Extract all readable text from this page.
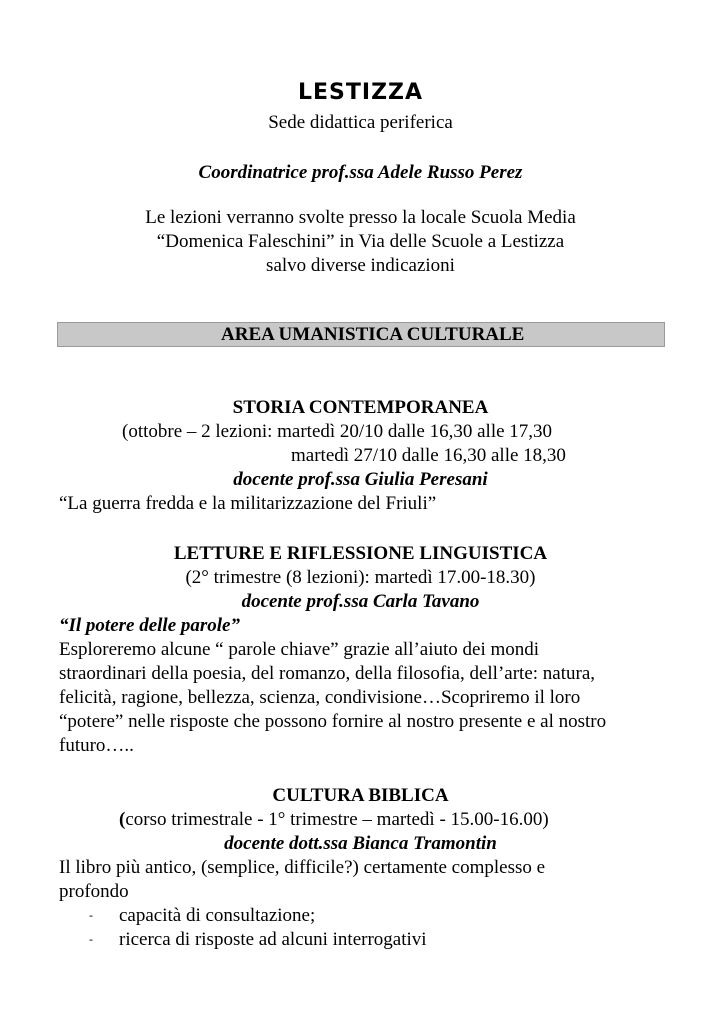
LESTIZZA
Sede didattica periferica
Coordinatrice prof.ssa Adele Russo Perez
Le lezioni verranno svolte presso la locale Scuola Media
“Domenica Faleschini” in Via delle Scuole a Lestizza
salvo diverse indicazioni
AREA UMANISTICA CULTURALE
STORIA CONTEMPORANEA
(ottobre – 2 lezioni: martedì 20/10 dalle 16,30 alle 17,30
martedì 27/10 dalle 16,30 alle 18,30
docente prof.ssa Giulia Peresani
“La guerra fredda e la militarizzazione del Friuli”
LETTURE E RIFLESSIONE LINGUISTICA
(2° trimestre (8 lezioni): martedì 17.00-18.30)
docente prof.ssa Carla Tavano
“Il potere delle parole”
Esploreremo alcune “ parole chiave” grazie all’aiuto dei mondi
straordinari della poesia, del romanzo, della filosofia, dell’arte: natura,
felicità, ragione, bellezza, scienza, condivisione…Scopriremo il loro
“potere” nelle risposte che possono fornire al nostro presente e al nostro
futuro…..
CULTURA BIBLICA
(corso trimestrale - 1° trimestre – martedì - 15.00-16.00)
docente dott.ssa Bianca Tramontin
Il libro più antico, (semplice, difficile?) certamente complesso e
profondo
- capacità di consultazione;
- ricerca di risposte ad alcuni interrogativi
